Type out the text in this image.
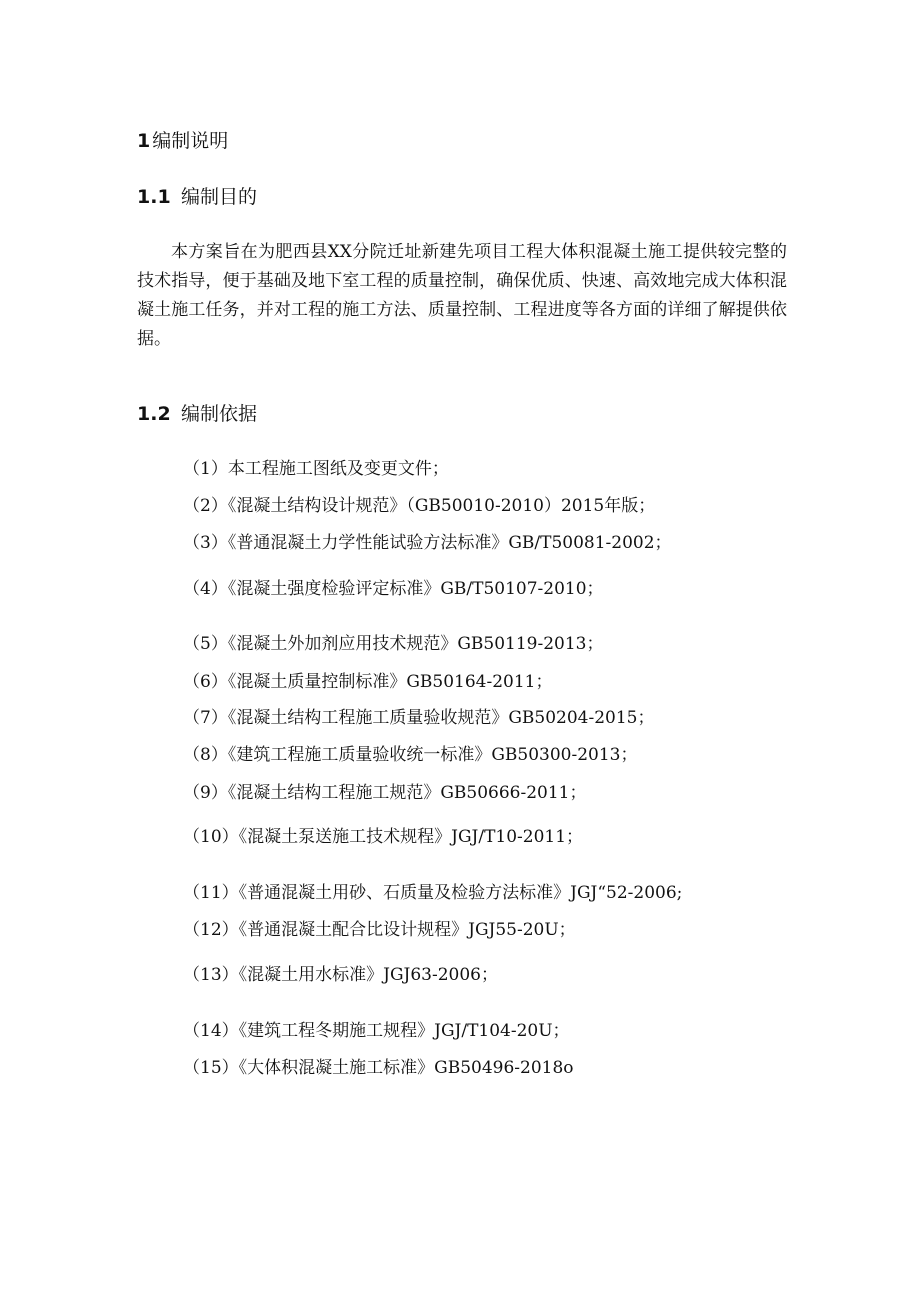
1 编制说明
1.1 编制目的

本方案旨在为肥西县XX分院迁址新建先项目工程大体积混凝土施工提供较完整的技术指导，便于基础及地下室工程的质量控制，确保优质、快速、高效地完成大体积混凝土施工任务，并对工程的施工方法、质量控制、工程进度等各方面的详细了解提供依据。

1.2 编制依据
（1）本工程施工图纸及变更文件；
（2）《混凝土结构设计规范》（GB50010-2010）2015年版；
（3）《普通混凝土力学性能试验方法标准》GB/T50081-2002；
（4）《混凝土强度检验评定标准》GB/T50107-2010；
（5）《混凝土外加剂应用技术规范》GB50119-2013；
（6）《混凝土质量控制标准》GB50164-2011；
（7）《混凝土结构工程施工质量验收规范》GB50204-2015；
（8）《建筑工程施工质量验收统一标准》GB50300-2013；
（9）《混凝土结构工程施工规范》GB50666-2011；
（10）《混凝土泵送施工技术规程》JGJ/T10-2011；
（11）《普通混凝土用砂、石质量及检验方法标准》JGJ“52-2006;
（12）《普通混凝土配合比设计规程》JGJ55-20U；
（13）《混凝土用水标准》JGJ63-2006；
（14）《建筑工程冬期施工规程》JGJ/T104-20U；
（15）《大体积混凝土施工标准》GB50496-2018o
